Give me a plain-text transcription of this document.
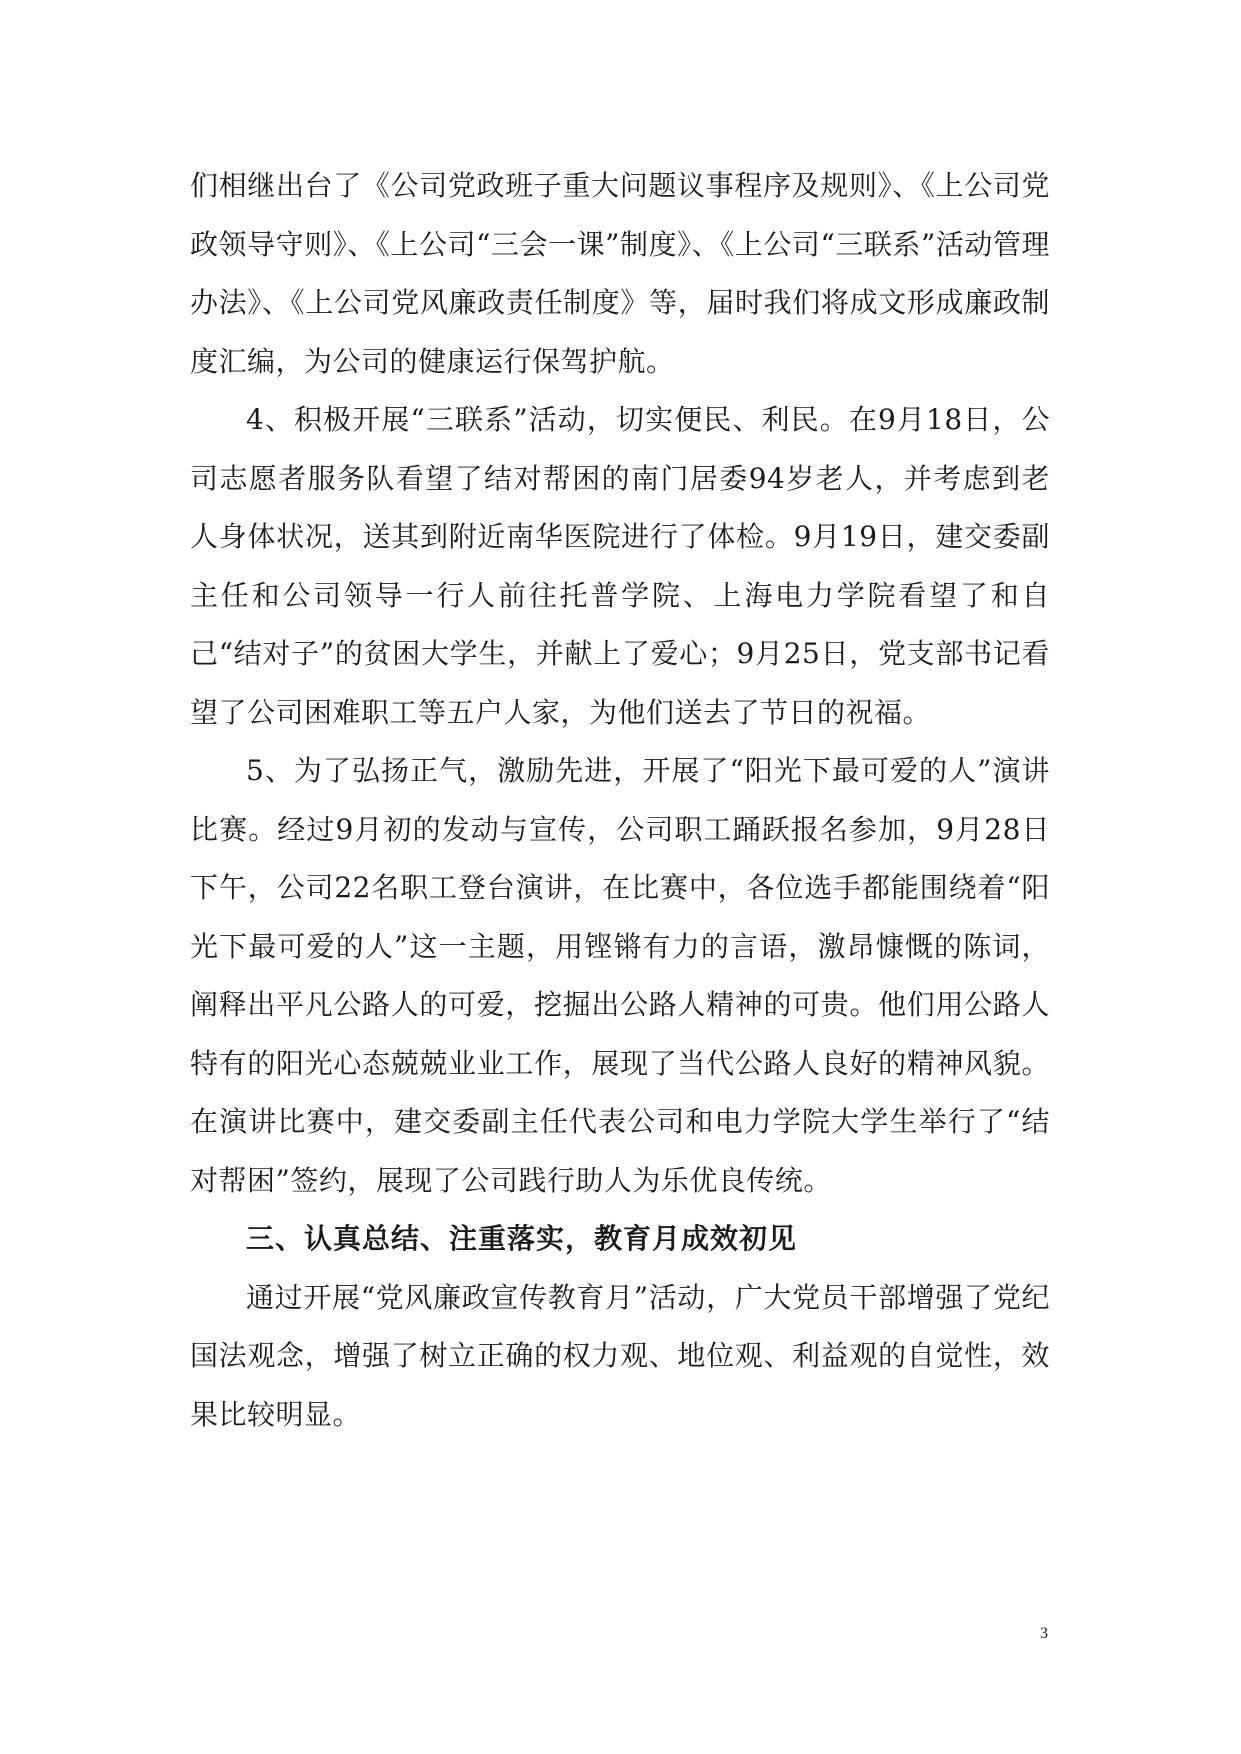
们相继出台了《公司党政班子重大问题议事程序及规则》、《上公司党政领导守则》、《上公司“三会一课”制度》、《上公司“三联系”活动管理办法》、《上公司党风廉政责任制度》等，届时我们将成文形成廉政制度汇编，为公司的健康运行保驾护航。

4、积极开展“三联系”活动，切实便民、利民。在9月18日，公司志愿者服务队看望了结对帮困的南门居委94岁老人，并考虑到老人身体状况，送其到附近南华医院进行了体检。9月19日，建交委副主任和公司领导一行人前往托普学院、上海电力学院看望了和自己“结对子”的贫困大学生，并献上了爱心；9月25日，党支部书记看望了公司困难职工等五户人家，为他们送去了节日的祝福。

5、为了弘扬正气，激励先进，开展了“阳光下最可爱的人”演讲比赛。经过9月初的发动与宣传，公司职工踊跃报名参加，9月28日下午，公司22名职工登台演讲，在比赛中，各位选手都能围绕着“阳光下最可爱的人”这一主题，用铿锵有力的言语，激昂慷慨的陈词，阐释出平凡公路人的可爱，挖掘出公路人精神的可贵。他们用公路人特有的阳光心态兢兢业业工作，展现了当代公路人良好的精神风貌。在演讲比赛中，建交委副主任代表公司和电力学院大学生举行了“结对帮困”签约，展现了公司践行助人为乐优良传统。

三、认真总结、注重落实，教育月成效初见

通过开展“党风廉政宣传教育月”活动，广大党员干部增强了党纪国法观念，增强了树立正确的权力观、地位观、利益观的自觉性，效果比较明显。

3
